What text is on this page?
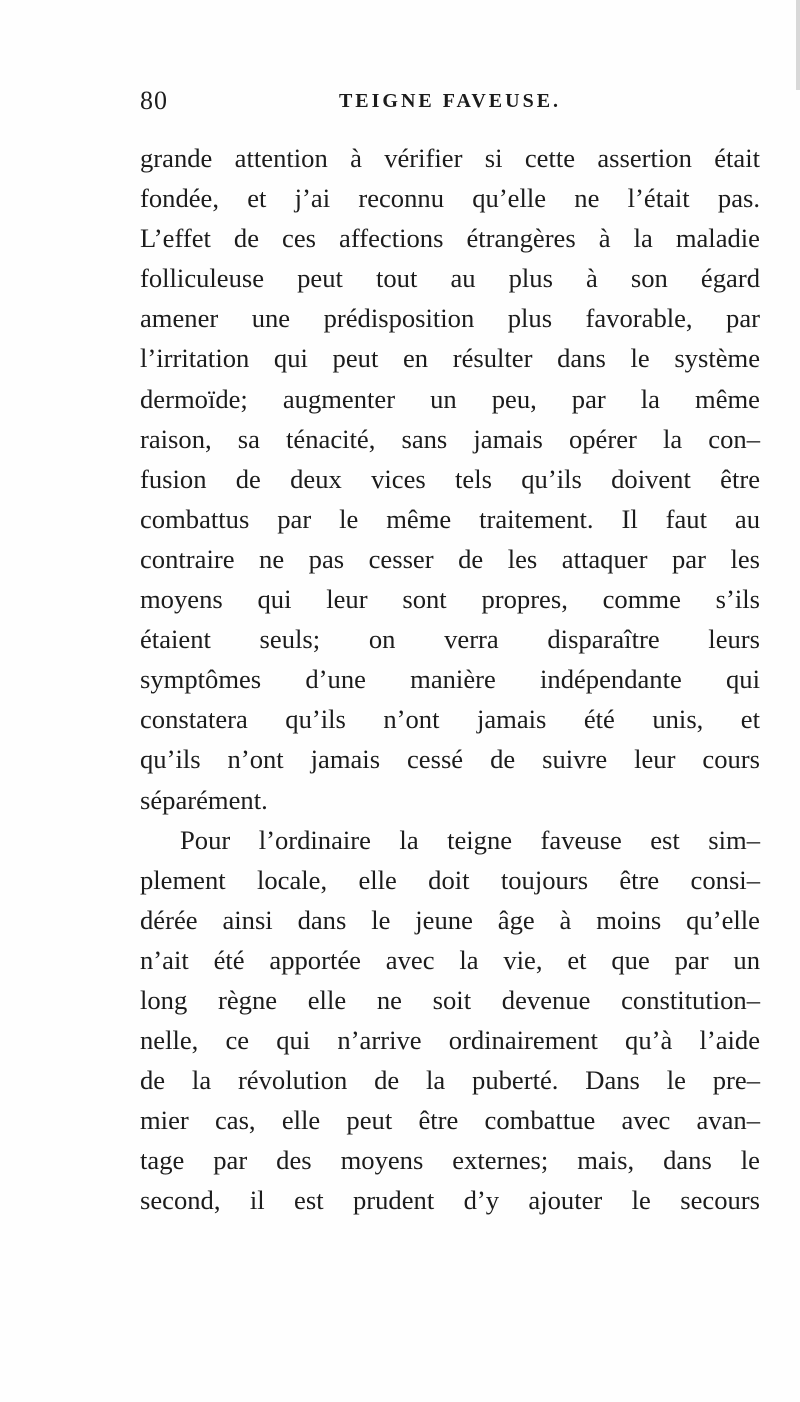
80	TEIGNE FAVEUSE.
grande attention à vérifier si cette assertion était
fondée, et j’ai reconnu qu’elle ne l’était pas.
L’effet de ces affections étrangères à la maladie
folliculeuse peut tout au plus à son égard
amener une prédisposition plus favorable, par
l’irritation qui peut en résulter dans le système
dermoïde; augmenter un peu, par la même
raison, sa ténacité, sans jamais opérer la con–
fusion de deux vices tels qu’ils doivent être
combattus par le même traitement. Il faut au
contraire ne pas cesser de les attaquer par les
moyens qui leur sont propres, comme s’ils
étaient seuls; on verra disparaître leurs
symptômes d’une manière indépendante qui
constatera qu’ils n’ont jamais été unis, et
qu’ils n’ont jamais cessé de suivre leur cours
séparément.
Pour l’ordinaire la teigne faveuse est sim–
plement locale, elle doit toujours être consi–
dérée ainsi dans le jeune âge à moins qu’elle
n’ait été apportée avec la vie, et que par un
long règne elle ne soit devenue constitution–
nelle, ce qui n’arrive ordinairement qu’à l’aide
de la révolution de la puberté. Dans le pre–
mier cas, elle peut être combattue avec avan–
tage par des moyens externes; mais, dans le
second, il est prudent d’y ajouter le secours
